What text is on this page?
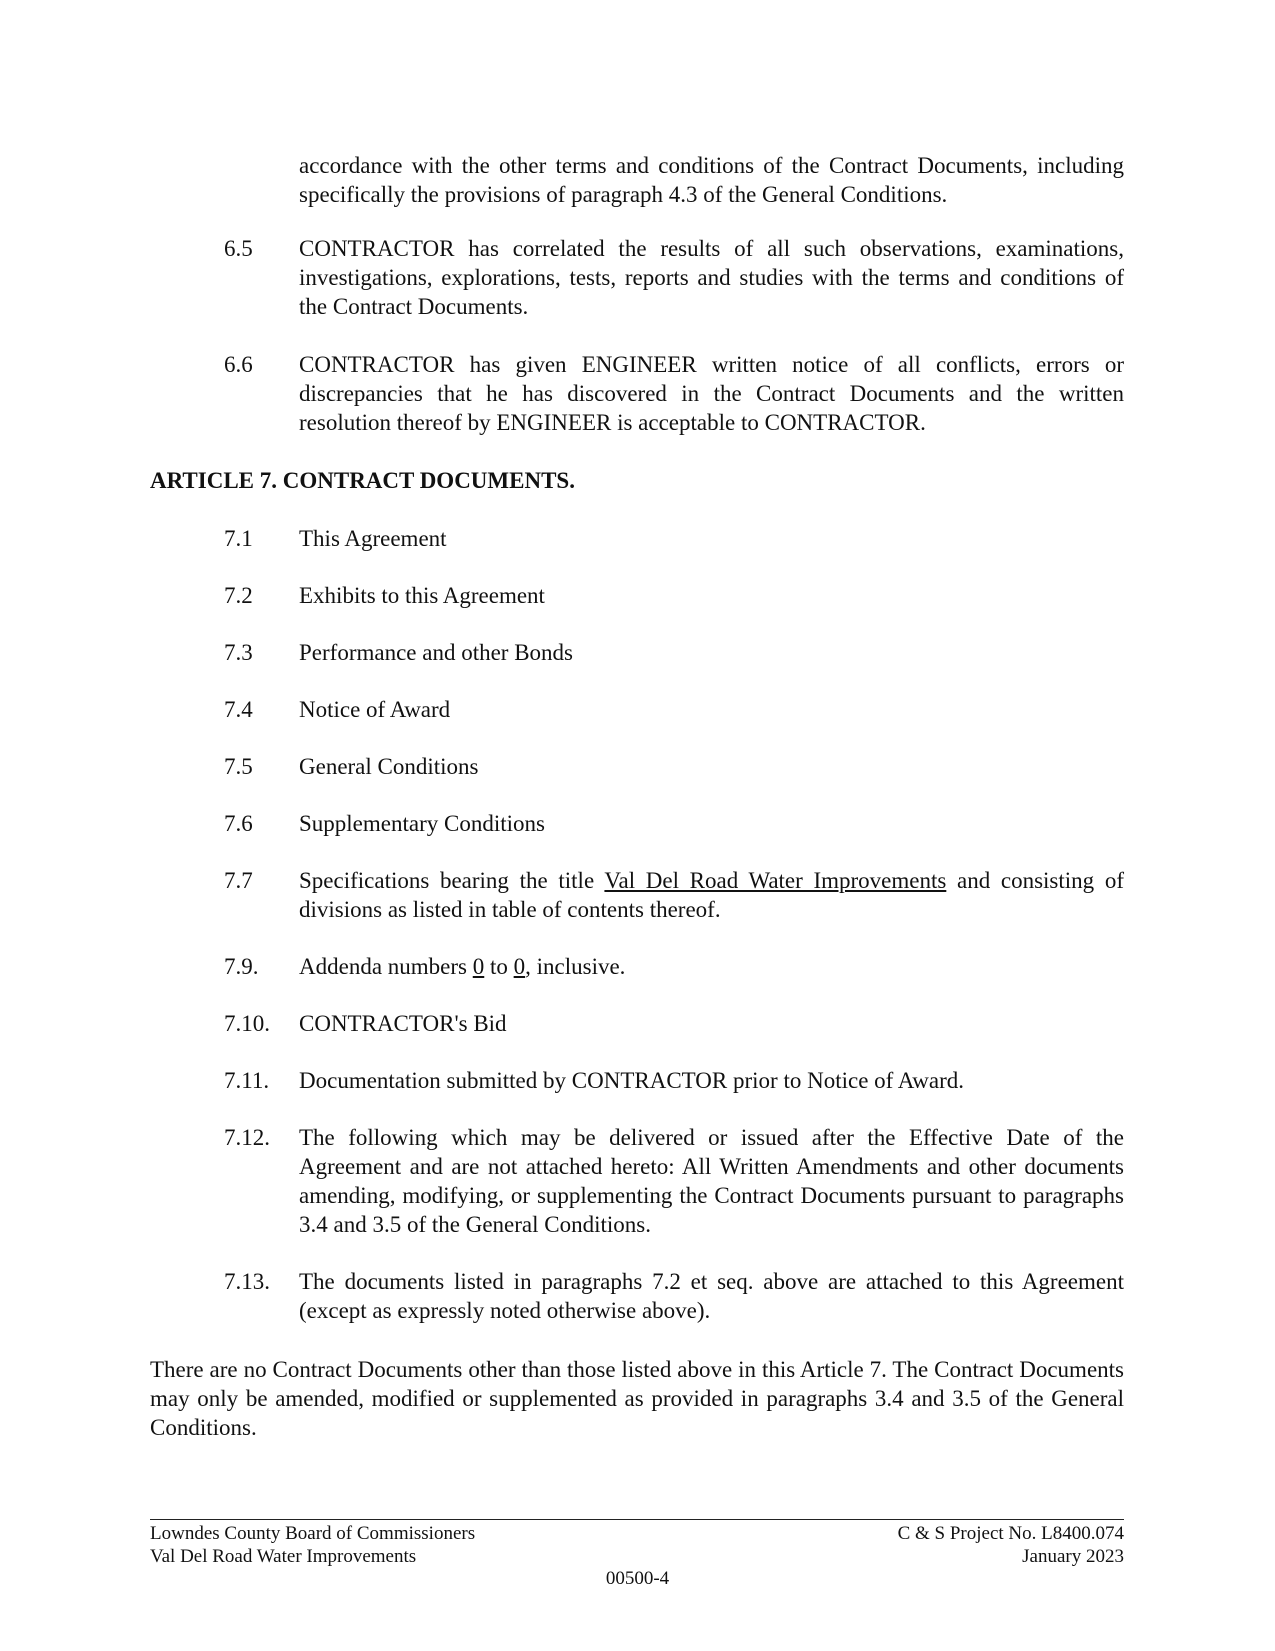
accordance with the other terms and conditions of the Contract Documents, including specifically the provisions of paragraph 4.3 of the General Conditions.
6.5	CONTRACTOR has correlated the results of all such observations, examinations, investigations, explorations, tests, reports and studies with the terms and conditions of the Contract Documents.
6.6	CONTRACTOR has given ENGINEER written notice of all conflicts, errors or discrepancies that he has discovered in the Contract Documents and the written resolution thereof by ENGINEER is acceptable to CONTRACTOR.
ARTICLE 7. CONTRACT DOCUMENTS.
7.1	This Agreement
7.2	Exhibits to this Agreement
7.3	Performance and other Bonds
7.4	Notice of Award
7.5	General Conditions
7.6	Supplementary Conditions
7.7	Specifications bearing the title Val Del Road Water Improvements and consisting of divisions as listed in table of contents thereof.
7.9.	Addenda numbers 0 to 0, inclusive.
7.10.	CONTRACTOR's Bid
7.11.	Documentation submitted by CONTRACTOR prior to Notice of Award.
7.12.	The following which may be delivered or issued after the Effective Date of the Agreement and are not attached hereto: All Written Amendments and other documents amending, modifying, or supplementing the Contract Documents pursuant to paragraphs 3.4 and 3.5 of the General Conditions.
7.13.	The documents listed in paragraphs 7.2 et seq. above are attached to this Agreement (except as expressly noted otherwise above).
There are no Contract Documents other than those listed above in this Article 7. The Contract Documents may only be amended, modified or supplemented as provided in paragraphs 3.4 and 3.5 of the General Conditions.
Lowndes County Board of Commissioners
Val Del Road Water Improvements
C & S Project No. L8400.074
January 2023
00500-4
